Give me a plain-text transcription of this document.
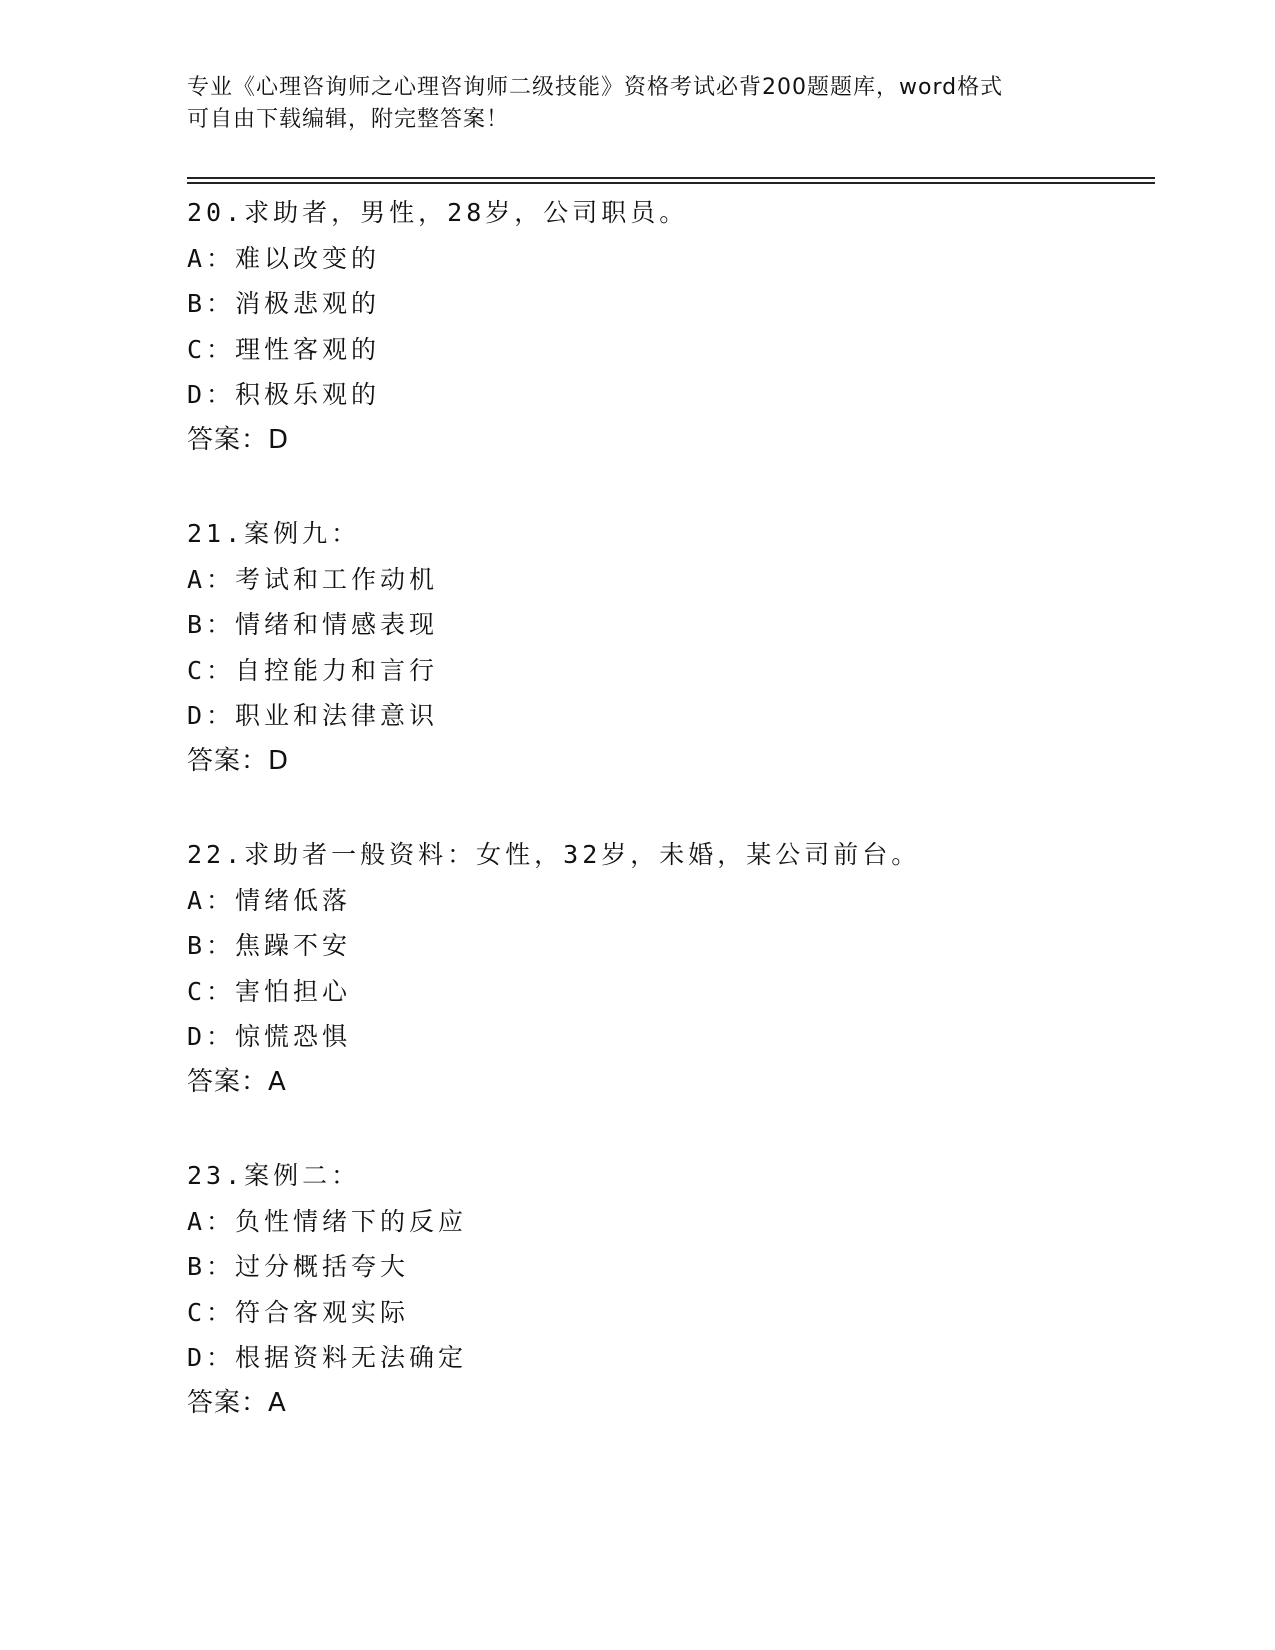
专业《心理咨询师之心理咨询师二级技能》资格考试必背200题题库，word格式
可自由下载编辑，附完整答案！
20.求助者，男性，28岁，公司职员。
A：难以改变的
B：消极悲观的
C：理性客观的
D：积极乐观的
答案：D
21.案例九：
A：考试和工作动机
B：情绪和情感表现
C：自控能力和言行
D：职业和法律意识
答案：D
22.求助者一般资料：女性，32岁，未婚，某公司前台。
A：情绪低落
B：焦躁不安
C：害怕担心
D：惊慌恐惧
答案：A
23.案例二：
A：负性情绪下的反应
B：过分概括夸大
C：符合客观实际
D：根据资料无法确定
答案：A
